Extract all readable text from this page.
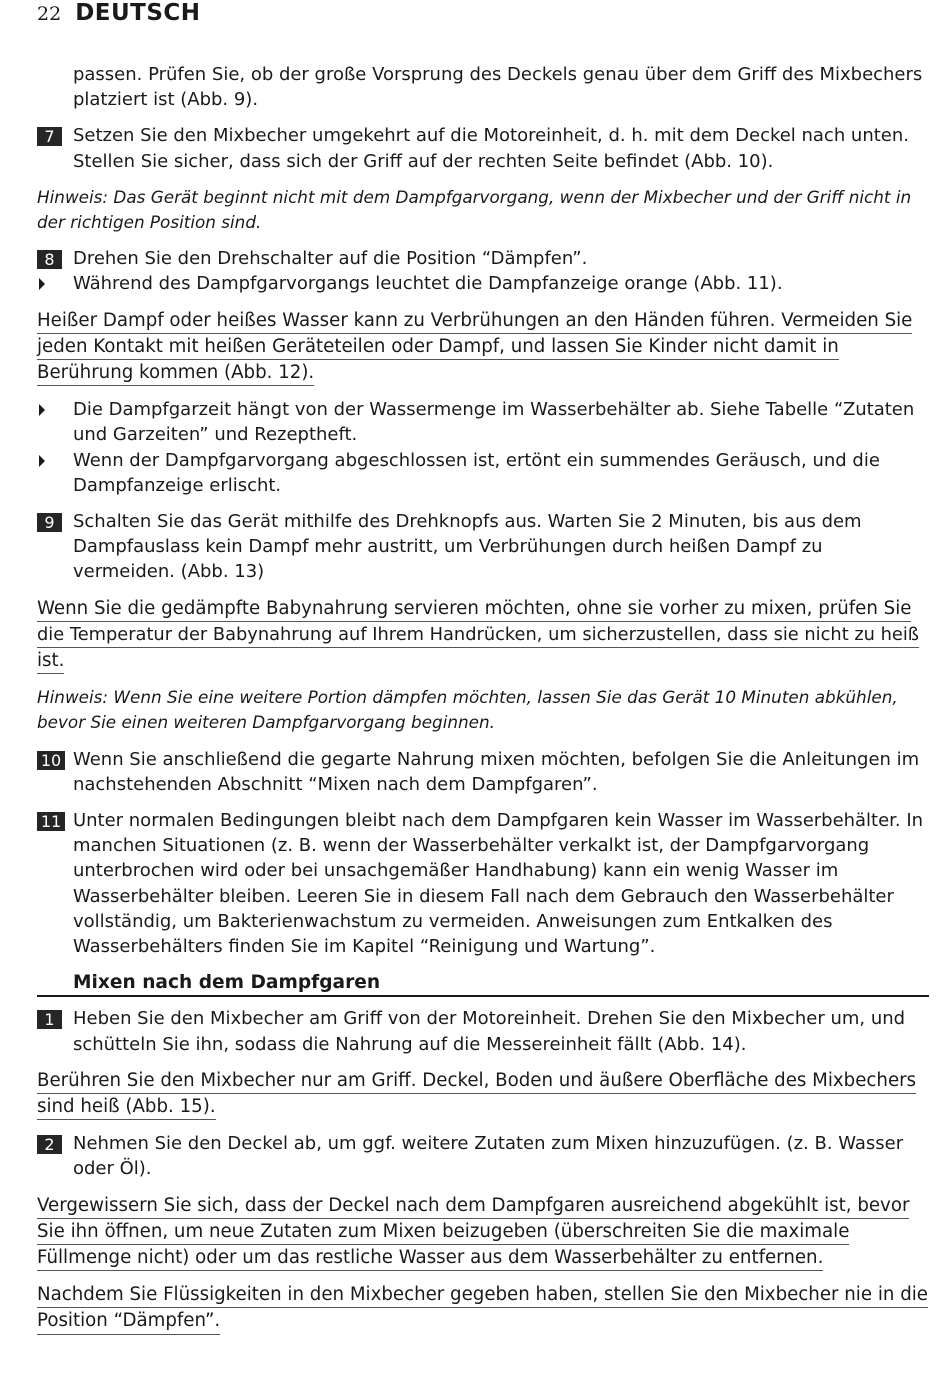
22 DEUTSCH
passen. Prüfen Sie, ob der große Vorsprung des Deckels genau über dem Griff des Mixbechers
platziert ist (Abb. 9).
7	Setzen Sie den Mixbecher umgekehrt auf die Motoreinheit, d. h. mit dem Deckel nach unten.
Stellen Sie sicher, dass sich der Griff auf der rechten Seite befindet (Abb. 10).
Hinweis: Das Gerät beginnt nicht mit dem Dampfgarvorgang, wenn der Mixbecher und der Griff nicht in
der richtigen Position sind.
8	Drehen Sie den Drehschalter auf die Position “Dämpfen”.
Während des Dampfgarvorgangs leuchtet die Dampfanzeige orange (Abb. 11).
Heißer Dampf oder heißes Wasser kann zu Verbrühungen an den Händen führen. Vermeiden Sie
jeden Kontakt mit heißen Geräteteilen oder Dampf, und lassen Sie Kinder nicht damit in
Berührung kommen (Abb. 12).
Die Dampfgarzeit hängt von der Wassermenge im Wasserbehälter ab. Siehe Tabelle “Zutaten
und Garzeiten” und Rezeptheft.
Wenn der Dampfgarvorgang abgeschlossen ist, ertönt ein summendes Geräusch, und die
Dampfanzeige erlischt.
9	Schalten Sie das Gerät mithilfe des Drehknopfs aus. Warten Sie 2 Minuten, bis aus dem
Dampfauslass kein Dampf mehr austritt, um Verbrühungen durch heißen Dampf zu
vermeiden. (Abb. 13)
Wenn Sie die gedämpfte Babynahrung servieren möchten, ohne sie vorher zu mixen, prüfen Sie
die Temperatur der Babynahrung auf Ihrem Handrücken, um sicherzustellen, dass sie nicht zu heiß
ist.
Hinweis: Wenn Sie eine weitere Portion dämpfen möchten, lassen Sie das Gerät 10 Minuten abkühlen,
bevor Sie einen weiteren Dampfgarvorgang beginnen.
10 Wenn Sie anschließend die gegarte Nahrung mixen möchten, befolgen Sie die Anleitungen im
nachstehenden Abschnitt “Mixen nach dem Dampfgaren”.
11 Unter normalen Bedingungen bleibt nach dem Dampfgaren kein Wasser im Wasserbehälter. In
manchen Situationen (z. B. wenn der Wasserbehälter verkalkt ist, der Dampfgarvorgang
unterbrochen wird oder bei unsachgemäßer Handhabung) kann ein wenig Wasser im
Wasserbehälter bleiben. Leeren Sie in diesem Fall nach dem Gebrauch den Wasserbehälter
vollständig, um Bakterienwachstum zu vermeiden. Anweisungen zum Entkalken des
Wasserbehälters finden Sie im Kapitel “Reinigung und Wartung”.
Mixen nach dem Dampfgaren
1	Heben Sie den Mixbecher am Griff von der Motoreinheit. Drehen Sie den Mixbecher um, und
schütteln Sie ihn, sodass die Nahrung auf die Messereinheit fällt (Abb. 14).
Berühren Sie den Mixbecher nur am Griff. Deckel, Boden und äußere Oberfläche des Mixbechers
sind heiß (Abb. 15).
2	Nehmen Sie den Deckel ab, um ggf. weitere Zutaten zum Mixen hinzuzufügen. (z. B. Wasser
oder Öl).
Vergewissern Sie sich, dass der Deckel nach dem Dampfgaren ausreichend abgekühlt ist, bevor
Sie ihn öffnen, um neue Zutaten zum Mixen beizugeben (überschreiten Sie die maximale
Füllmenge nicht) oder um das restliche Wasser aus dem Wasserbehälter zu entfernen.
Nachdem Sie Flüssigkeiten in den Mixbecher gegeben haben, stellen Sie den Mixbecher nie in die
Position “Dämpfen”.
